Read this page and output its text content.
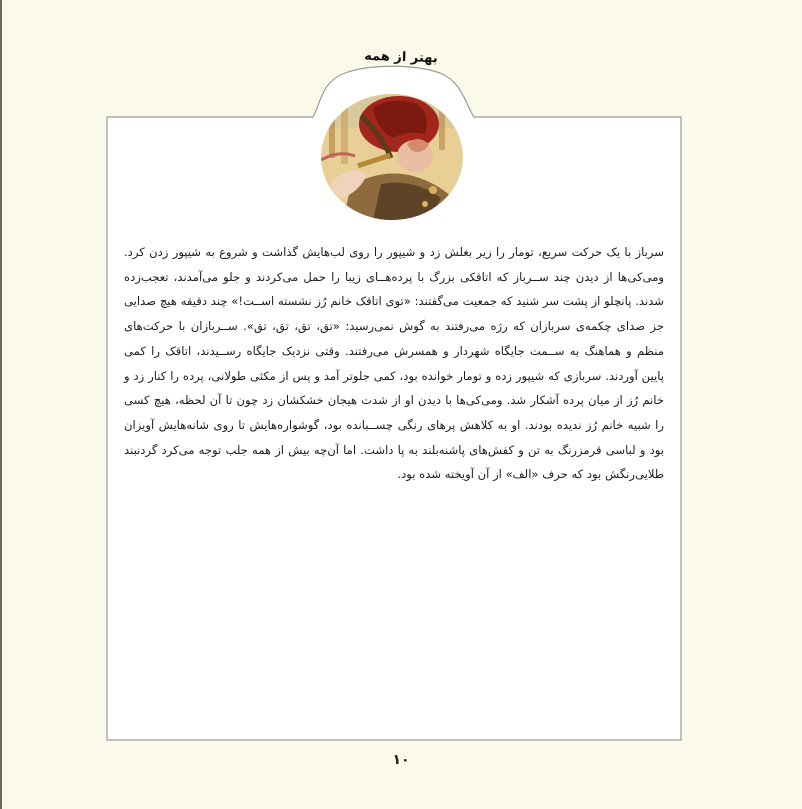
بهتر از همه

سرباز با یک حرکت سریع، تومار را زیر بغلش زد و شیپور را روی لب‌هایش گذاشت و شروع به شیپور زدن کرد. ومی‌کی‌ها از دیدن چند ســرباز که اتاقکی بزرگ با پرده‌هــای زیبا را حمل می‌کردند و جلو می‌آمدند، تعجب‌زده شدند. پانچلو از پشت سر شنید که جمعیت می‌گفتند: «توی اتاقک خانم رُز نشسته اســت!» چند دقیقه هیچ صدایی جز صدای چکمه‌ی سربازان که رژه می‌رفتند به گوش نمی‌رسید: «تق، تق، تق، تق». ســربازان با حرکت‌های منظم و هماهنگ به ســمت جایگاه شهردار و همسرش می‌رفتند. وقتی نزدیک جایگاه رســیدند، اتاقک را کمی پایین آوردند. سربازی که شیپور زده و تومار خوانده بود، کمی جلوتر آمد و پس از مکثی طولانی، پرده را کنار زد و خانم رُز از میان پرده آشکار شد. ومی‌کی‌ها با دیدن او از شدت هیجان خشکشان زد چون تا آن لحظه، هیچ کسی را شبیه خانم رُز ندیده بودند. او به کلاهش پرهای رنگی چســبانده بود، گوشواره‌هایش تا روی شانه‌هایش آویزان بود و لباسی قرمزرنگ به تن و کفش‌های پاشنه‌بلند به پا داشت. اما آن‌چه بیش از همه جلب توجه می‌کرد گردنبند طلایی‌رنگش بود که حرف «الف» از آن آویخته شده بود.

۱۰
